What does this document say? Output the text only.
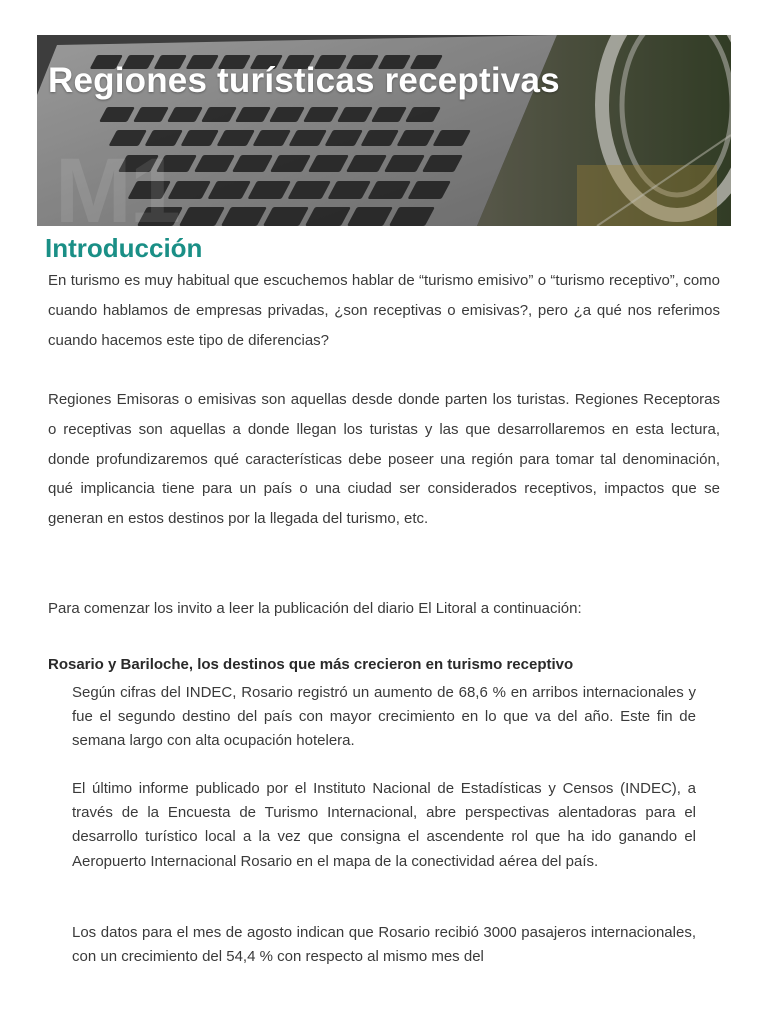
M1
Regiones turísticas receptivas
Introducción

En turismo es muy habitual que escuchemos hablar de “turismo emisivo” o “turismo receptivo”, como cuando hablamos de empresas privadas, ¿son receptivas o emisivas?, pero ¿a qué nos referimos cuando hacemos este tipo de diferencias?

Regiones Emisoras o emisivas son aquellas desde donde parten los turistas. Regiones Receptoras o receptivas son aquellas a donde llegan los turistas y las que desarrollaremos en esta lectura, donde profundizaremos qué características debe poseer una región para tomar tal denominación, qué implicancia tiene para un país o una ciudad ser considerados receptivos, impactos que se generan en estos destinos por la llegada del turismo, etc.

Para comenzar los invito a leer la publicación del diario El Litoral a continuación:

Rosario y Bariloche, los destinos que más crecieron en turismo receptivo

Según cifras del INDEC, Rosario registró un aumento de 68,6 % en arribos internacionales y fue el segundo destino del país con mayor crecimiento en lo que va del año. Este fin de semana largo con alta ocupación hotelera.

El último informe publicado por el Instituto Nacional de Estadísticas y Censos (INDEC), a través de la Encuesta de Turismo Internacional, abre perspectivas alentadoras para el desarrollo turístico local a la vez que consigna el ascendente rol que ha ido ganando el Aeropuerto Internacional Rosario en el mapa de la conectividad aérea del país.

Los datos para el mes de agosto indican que Rosario recibió 3000 pasajeros internacionales, con un crecimiento del 54,4 % con respecto al mismo mes del
